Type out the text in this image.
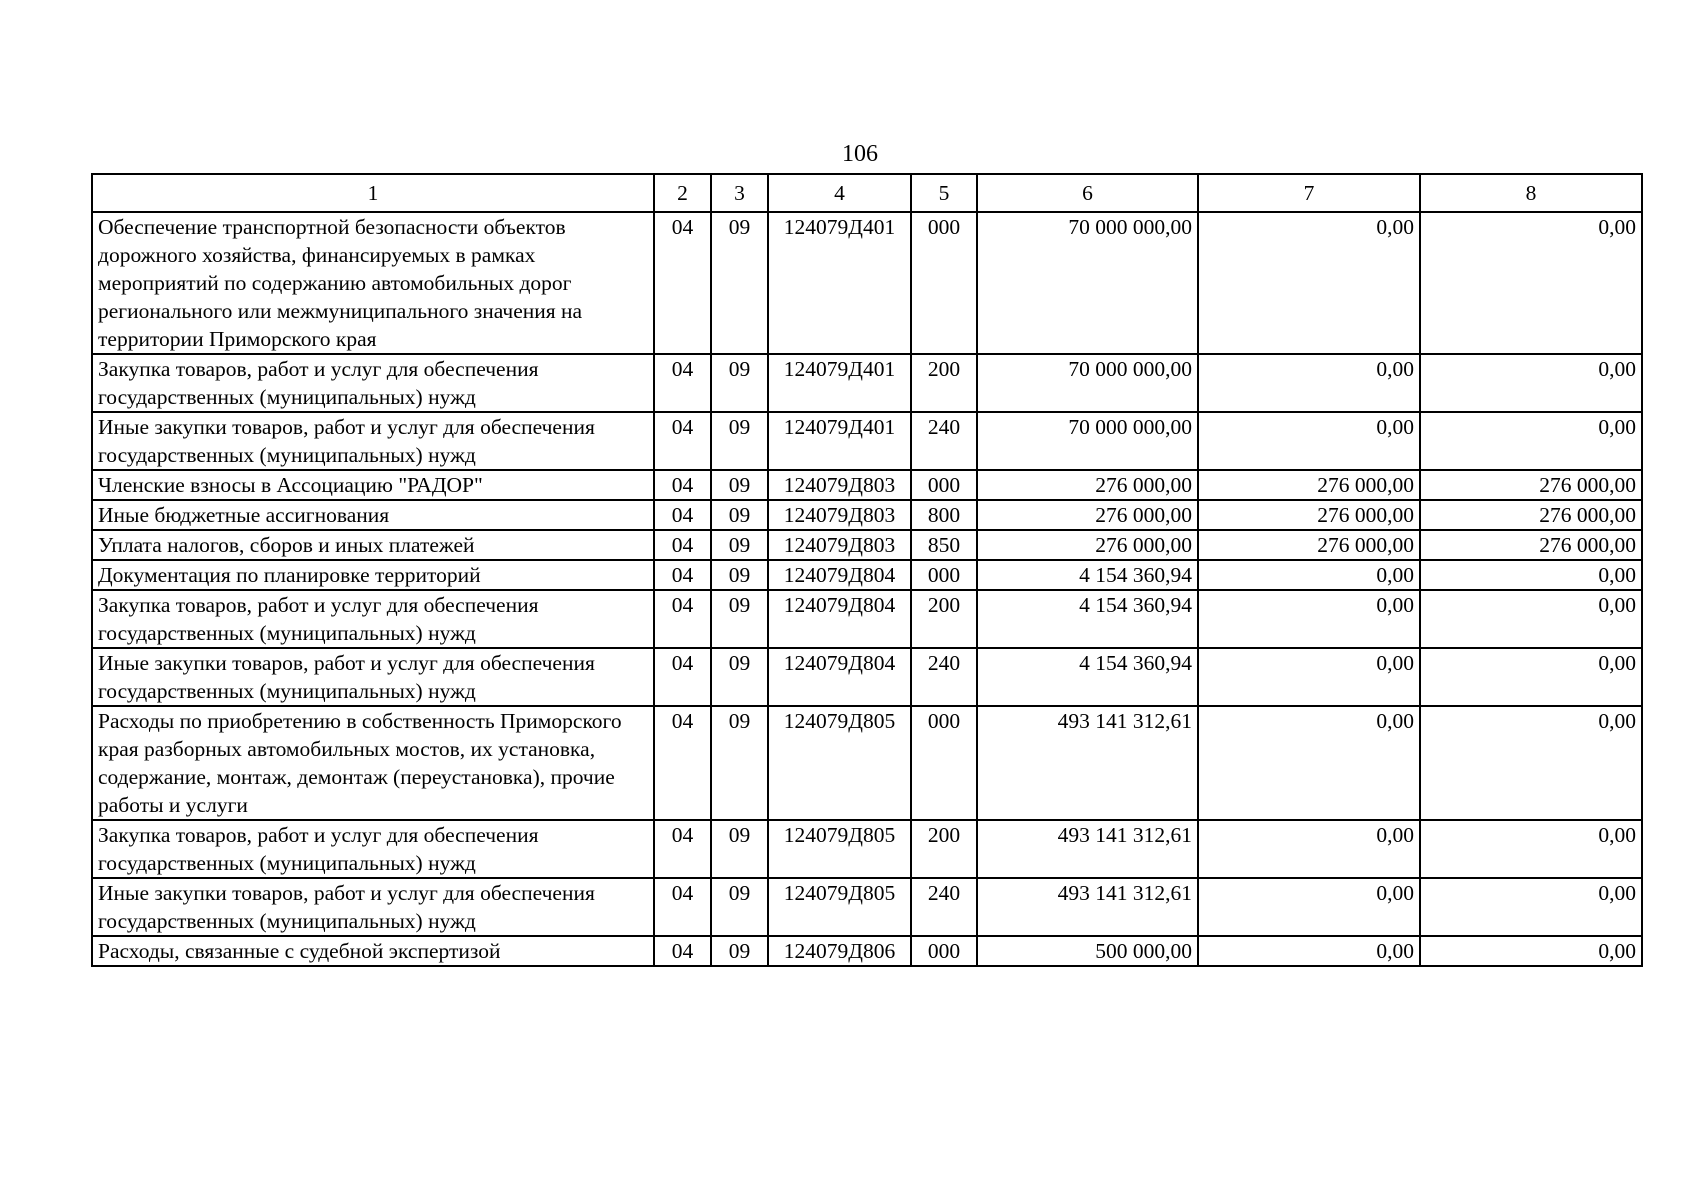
106
1	2	3	4	5	6	7	8
Обеспечение транспортной безопасности объектов дорожного хозяйства, финансируемых в рамках мероприятий по содержанию автомобильных дорог регионального или межмуниципального значения на территории Приморского края	04	09	124079Д401	000	70 000 000,00	0,00	0,00
Закупка товаров, работ и услуг для обеспечения государственных (муниципальных) нужд	04	09	124079Д401	200	70 000 000,00	0,00	0,00
Иные закупки товаров, работ и услуг для обеспечения государственных (муниципальных) нужд	04	09	124079Д401	240	70 000 000,00	0,00	0,00
Членские взносы в Ассоциацию "РАДОР"	04	09	124079Д803	000	276 000,00	276 000,00	276 000,00
Иные бюджетные ассигнования	04	09	124079Д803	800	276 000,00	276 000,00	276 000,00
Уплата налогов, сборов и иных платежей	04	09	124079Д803	850	276 000,00	276 000,00	276 000,00
Документация по планировке территорий	04	09	124079Д804	000	4 154 360,94	0,00	0,00
Закупка товаров, работ и услуг для обеспечения государственных (муниципальных) нужд	04	09	124079Д804	200	4 154 360,94	0,00	0,00
Иные закупки товаров, работ и услуг для обеспечения государственных (муниципальных) нужд	04	09	124079Д804	240	4 154 360,94	0,00	0,00
Расходы по приобретению в собственность Приморского края разборных автомобильных мостов, их установка, содержание, монтаж, демонтаж (переустановка), прочие работы и услуги	04	09	124079Д805	000	493 141 312,61	0,00	0,00
Закупка товаров, работ и услуг для обеспечения государственных (муниципальных) нужд	04	09	124079Д805	200	493 141 312,61	0,00	0,00
Иные закупки товаров, работ и услуг для обеспечения государственных (муниципальных) нужд	04	09	124079Д805	240	493 141 312,61	0,00	0,00
Расходы, связанные с судебной экспертизой	04	09	124079Д806	000	500 000,00	0,00	0,00
